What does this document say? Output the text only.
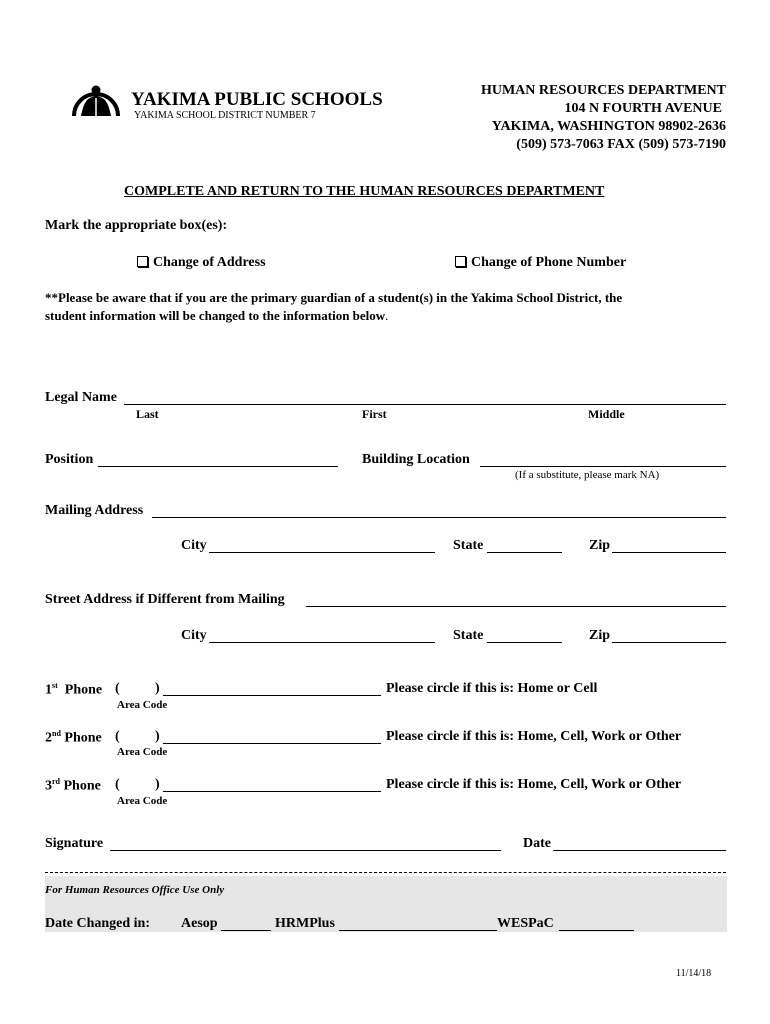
YAKIMA PUBLIC SCHOOLS
YAKIMA SCHOOL DISTRICT NUMBER 7
HUMAN RESOURCES DEPARTMENT
104 N FOURTH AVENUE
YAKIMA, WASHINGTON 98902-2636
(509) 573-7063 FAX (509) 573-7190
COMPLETE AND RETURN TO THE HUMAN RESOURCES DEPARTMENT
Mark the appropriate box(es):
Change of Address	Change of Phone Number
**Please be aware that if you are the primary guardian of a student(s) in the Yakima School District, the
student information will be changed to the information below.
Legal Name
Last	First	Middle
Position	Building Location
(If a substitute, please mark NA)
Mailing Address
City	State	Zip
Street Address if Different from Mailing
City	State	Zip
1st Phone (	)	Please circle if this is: Home or Cell
Area Code
2nd Phone (	)	Please circle if this is: Home, Cell, Work or Other
Area Code
3rd Phone (	)	Please circle if this is: Home, Cell, Work or Other
Area Code
Signature	Date
For Human Resources Office Use Only
Date Changed in: Aesop	HRMPlus	WESPaC
11/14/18
